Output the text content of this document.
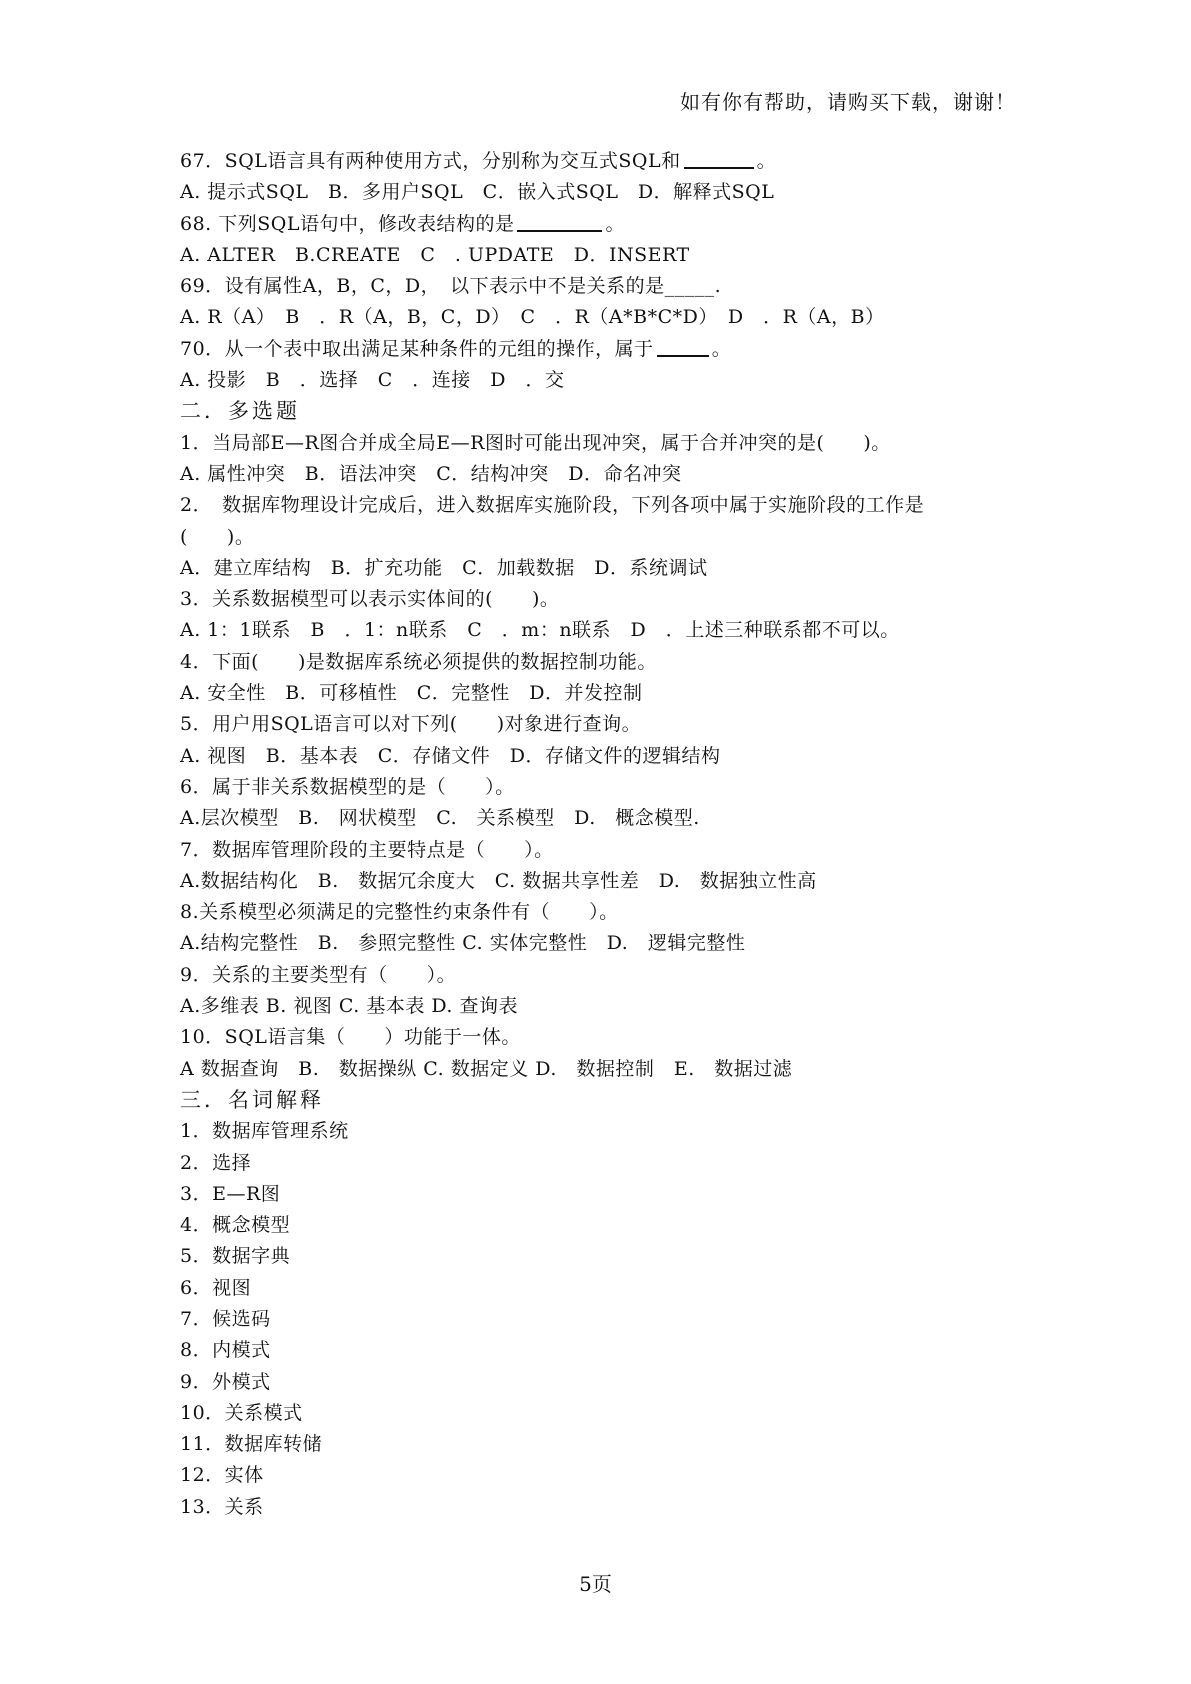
如有你有帮助，请购买下载，谢谢！
67．SQL语言具有两种使用方式，分别称为交互式SQL和	。
A. 提示式SQL　B．多用户SQL　C．嵌入式SQL　D．解释式SQL
68. 下列SQL语句中，修改表结构的是	。
A. ALTER　B.CREATE　C　. UPDATE　D．INSERT
69．设有属性A，B，C，D，　以下表示中不是关系的是_____.
A. R（A）　B　．R（A，B，C，D）　C　．R（A*B*C*D）　D　．R（A，B）
70．从一个表中取出满足某种条件的元组的操作，属于	。
A. 投影　B　．选择　C　．连接　D　．交
二．多选题
1．当局部E—R图合并成全局E—R图时可能出现冲突，属于合并冲突的是(　　)。
A. 属性冲突　B．语法冲突　C．结构冲突　D．命名冲突
2．　数据库物理设计完成后，进入数据库实施阶段，下列各项中属于实施阶段的工作是
(　　)。
A．建立库结构　B．扩充功能　C．加载数据　D．系统调试
3．关系数据模型可以表示实体间的(　　)。
A. 1：1联系　B　．1：n联系　C　．m：n联系　D　．上述三种联系都不可以。
4．下面(　　)是数据库系统必须提供的数据控制功能。
A. 安全性　B．可移植性　C．完整性　D．并发控制
5．用户用SQL语言可以对下列(　　)对象进行查询。
A. 视图　B．基本表　C．存储文件　D．存储文件的逻辑结构
6．属于非关系数据模型的是（　　）。
A.层次模型　B.　网状模型　C.　关系模型　D.　概念模型.
7．数据库管理阶段的主要特点是（　　）。
A.数据结构化　B.　数据冗余度大　C. 数据共享性差　D.　数据独立性高
8.关系模型必须满足的完整性约束条件有（　　）。
A.结构完整性　B.　参照完整性 C. 实体完整性　D.　逻辑完整性
9．关系的主要类型有（　　）。
A.多维表 B. 视图 C. 基本表 D. 查询表
10．SQL语言集（　　）功能于一体。
A 数据查询　B.　数据操纵 C. 数据定义 D.　数据控制　E.　数据过滤
三．名词解释
1．数据库管理系统
2．选择
3．E—R图
4．概念模型
5．数据字典
6．视图
7．候选码
8．内模式
9．外模式
10．关系模式
11．数据库转储
12．实体
13．关系
5页
